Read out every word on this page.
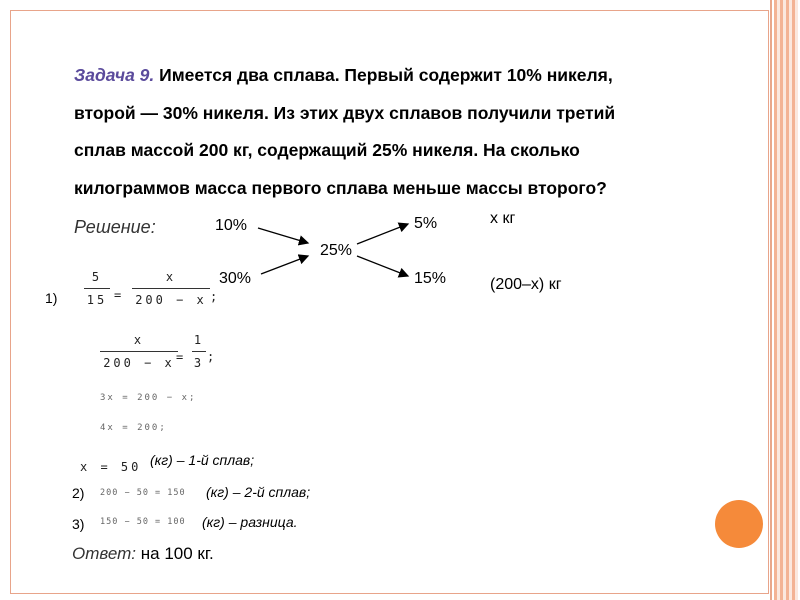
Задача 9. Имеется два сплава. Первый содержит 10% никеля,
второй — 30% никеля. Из этих двух сплавов получили третий
сплав массой 200 кг, содержащий 25% никеля. На сколько
килограммов масса первого сплава меньше массы второго?

Решение:	10%
30%
25%
5%
15%
х кг
(200–х) кг
1)
5
15 =
x
200 − x ;
x
200 − x =
1
3 ;
3x = 200 − x;
4x = 200;
x = 50 (кг) – 1-й сплав;
2) 200 − 50 = 150 (кг) – 2-й сплав;
3) 150 − 50 = 100 (кг) – разница.
Ответ: на 100 кг.
